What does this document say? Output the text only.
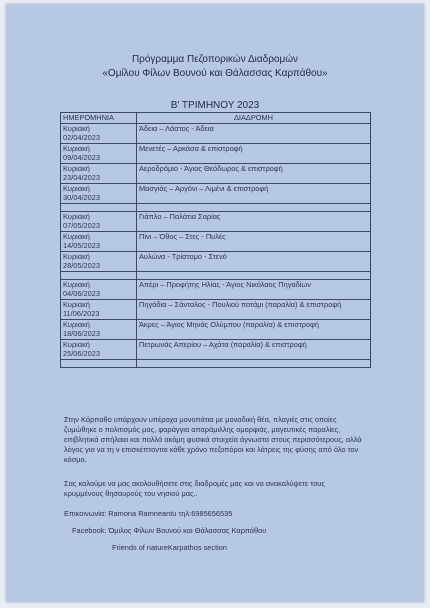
Πρόγραμμα Πεζοπορικών Διαδρομών
«Ομίλου Φίλων Βουνού και Θάλασσας Καρπάθου»
Β' ΤΡΙΜΗΝΟΥ 2023
ΗΜΕΡΟΜΗΝΙΑ	ΔΙΑΔΡΟΜΗ

Κυριακή
02/04/2023	Άδεια – Λάστος - Άδεια

Κυριακή
09/04/2023	Μενετές – Αρκάσα & επιστροφή

Κυριακή
23/04/2023	Αεροδρόμιο - Άγιος Θεόδωρος & επιστροφή

Κυριακή
30/04/2023	Μασγιάς – Αργόνι – Λιμένι & επιστροφή

Κυριακή
07/05/2023	Γιάπλο – Παλάτια Σαρίας

Κυριακή
14/05/2023	Πίνι – Όθος – Στες - Πυλές

Κυριακή
28/05/2023	Αυλώνα - Τρίστομο - Στενό

Κυριακή
04/06/2023	Απέρι – Προφήτης Ηλίας - Άγιος Νικόλαος Πηγαδίων

Κυριακή
11/06/2023	Πηγάδια – Σάνταλος - Πουλιού ποτάμι (παραλία) & επιστροφή

Κυριακή
18/06/2023	Άκρες – Άγιος Μηνάς Ολύμπου (παραλία) & επιστροφή

Κυριακή
25/06/2023	Πετρωνάς Απερίου – Αχάτα (παραλία) & επιστροφή

Στην Κάρπαθο υπάρχουν υπέροχα μονοπάτια με μοναδική θέα, πλαγιές στις οποίες ζυμώθηκε ο πολιτισμός μας, φαράγγια απαράμιλλης ομορφιάς, μαγευτικές παραλίες, επιβλητικά σπήλαια και πολλά ακόμη φυσικά στοιχεία άγνωστα στους περισσότερους, αλλά λόγος για να τη ν επισκέπτονται κάθε χρόνο πεζοπόροι και λάτρεις της φύσης από όλο τον κόσμο.
Σας καλούμε να μας ακολουθήσετε στις διαδρομές μας και να ανακαλύψετε τους κρυμμένους θησαυρούς του νησιού μας..
Επικοινωνία: Ramona Ramneantu τηλ:6985656535
Facebook: Όμιλος Φίλων Βουνού και Θάλασσας Καρπάθου
Friends of natureKarpathos section
